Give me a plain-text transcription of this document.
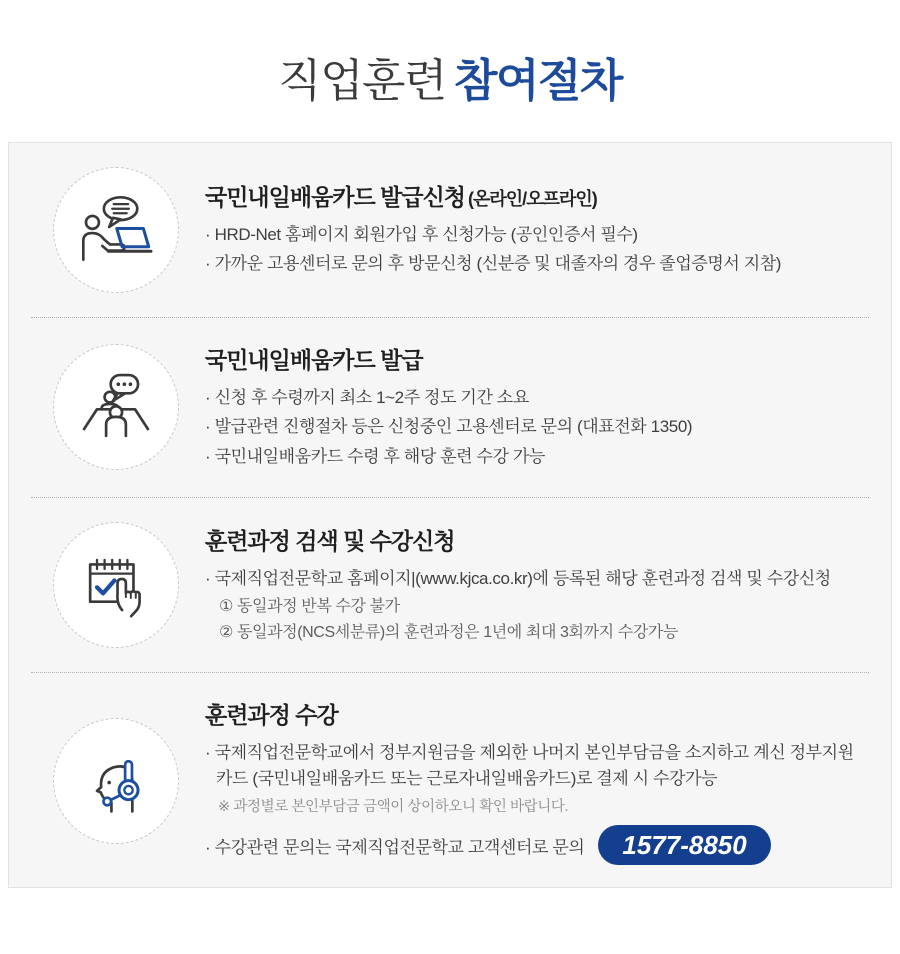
직업훈련 참여절차
국민내일배움카드 발급신청 (온라인/오프라인)

· HRD-Net 홈페이지 회원가입 후 신청가능 (공인인증서 필수)

· 가까운 고용센터로 문의 후 방문신청 (신분증 및 대졸자의 경우 졸업증명서 지참)

국민내일배움카드 발급

· 신청 후 수령까지 최소 1~2주 정도 기간 소요

· 발급관련 진행절차 등은 신청중인 고용센터로 문의 (대표전화 1350)

· 국민내일배움카드 수령 후 해당 훈련 수강 가능

훈련과정 검색 및 수강신청

· 국제직업전문학교 홈페이지|(www.kjca.co.kr)에 등록된 해당 훈련과정 검색 및 수강신청

① 동일과정 반복 수강 불가

② 동일과정(NCS세분류)의 훈련과정은 1년에 최대 3회까지 수강가능

훈련과정 수강

· 국제직업전문학교에서 정부지원금을 제외한 나머지 본인부담금을 소지하고 계신 정부지원카드 (국민내일배움카드 또는 근로자내일배움카드)로 결제 시 수강가능

※ 과정별로 본인부담금 금액이 상이하오니 확인 바랍니다.

· 수강관련 문의는 국제직업전문학교 고객센터로 문의	1577-8850
